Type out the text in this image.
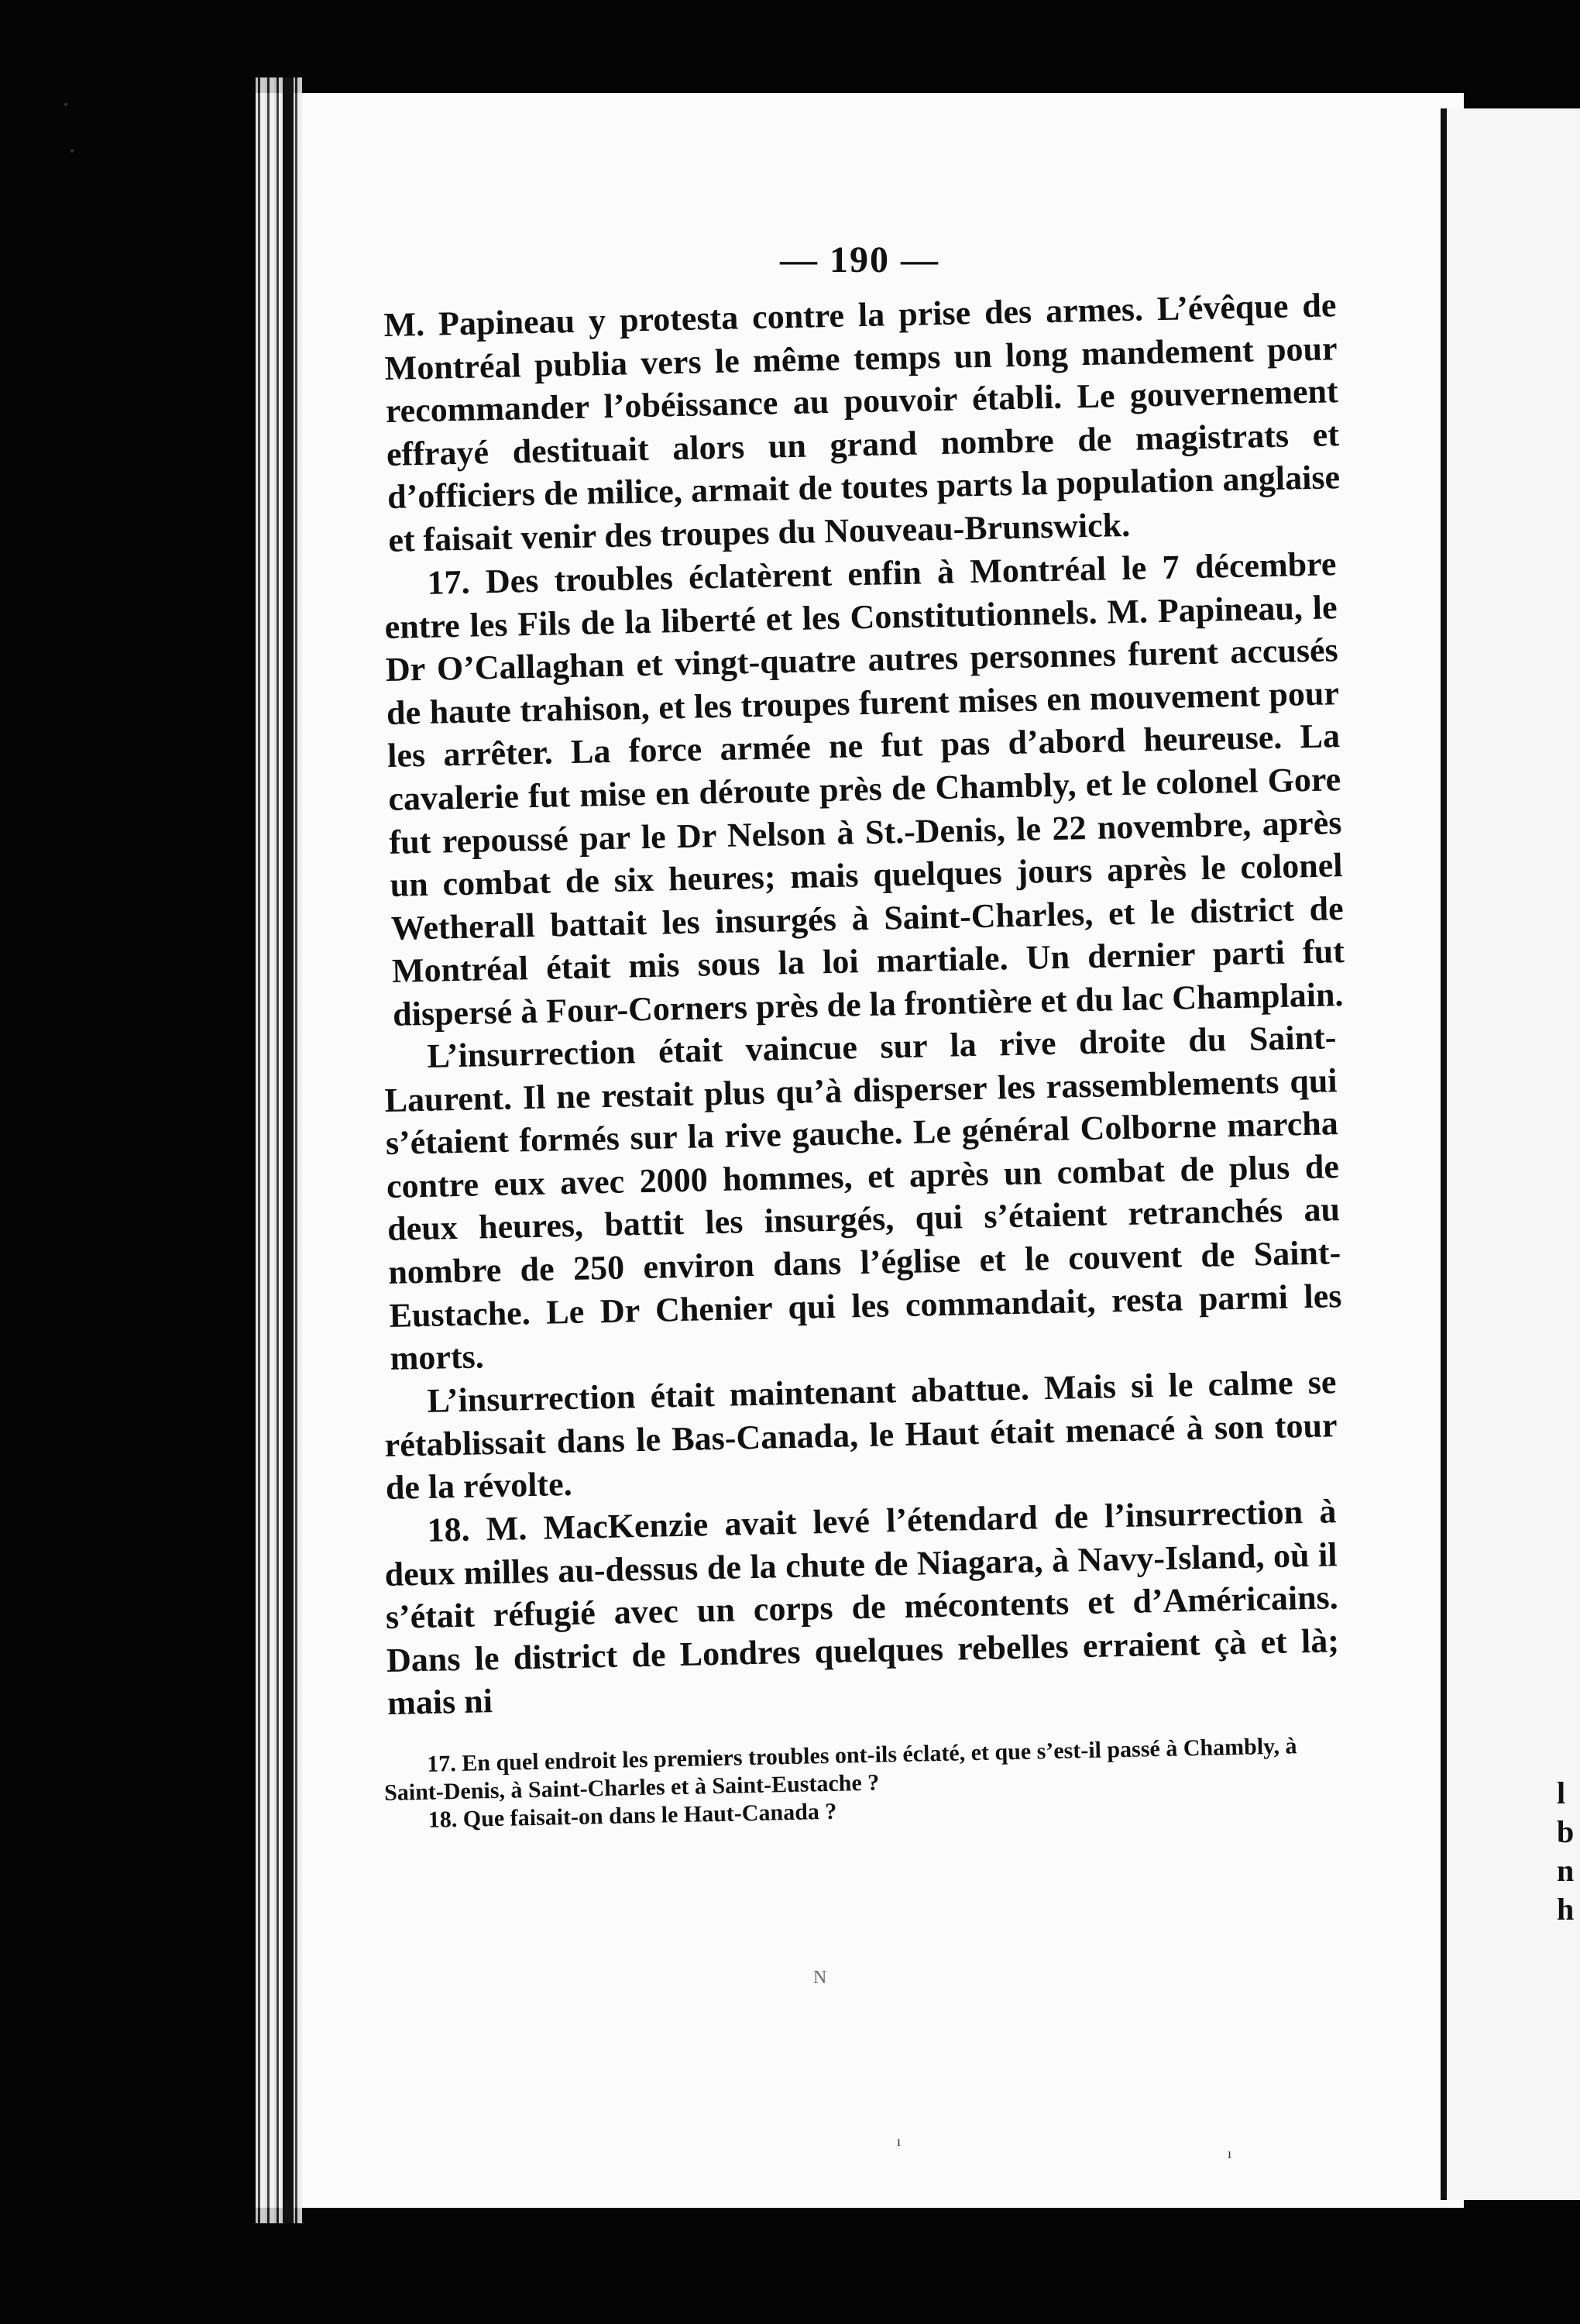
l
b
n
h
— 190 —

M. Papineau y protesta contre la prise des armes. L’évêque de Montréal publia vers le même temps un long mandement pour recommander l’obéissance au pouvoir établi. Le gouvernement effrayé destituait alors un grand nombre de magistrats et d’officiers de milice, armait de toutes parts la population anglaise et faisait venir des troupes du Nouveau-Brunswick.

17. Des troubles éclatèrent enfin à Montréal le 7 décembre entre les Fils de la liberté et les Constitutionnels. M. Papineau, le Dr O’Callaghan et vingt-quatre autres personnes furent accusés de haute trahison, et les troupes furent mises en mouvement pour les arrêter. La force armée ne fut pas d’abord heureuse. La cavalerie fut mise en déroute près de Chambly, et le colonel Gore fut repoussé par le Dr Nelson à St.-Denis, le 22 novembre, après un combat de six heures; mais quelques jours après le colonel Wetherall battait les insurgés à Saint-Charles, et le district de Montréal était mis sous la loi martiale. Un dernier parti fut dispersé à Four-Corners près de la frontière et du lac Champlain.

L’insurrection était vaincue sur la rive droite du Saint-Laurent. Il ne restait plus qu’à disperser les rassemblements qui s’étaient formés sur la rive gauche. Le général Colborne marcha contre eux avec 2000 hommes, et après un combat de plus de deux heures, battit les insurgés, qui s’étaient retranchés au nombre de 250 environ dans l’église et le couvent de Saint-Eustache. Le Dr Chenier qui les commandait, resta parmi les morts.

L’insurrection était maintenant abattue. Mais si le calme se rétablissait dans le Bas-Canada, le Haut était menacé à son tour de la révolte.

18. M. MacKenzie avait levé l’étendard de l’insurrection à deux milles au-dessus de la chute de Niagara, à Navy-Island, où il s’était réfugié avec un corps de mécontents et d’Américains. Dans le district de Londres quelques rebelles erraient çà et là; mais ni

17. En quel endroit les premiers troubles ont-ils éclaté, et que s’est-il passé à Chambly, à Saint-Denis, à Saint-Charles et à Saint-Eustache ?

18. Que faisait-on dans le Haut-Canada ?

N
•
•
ı
ı
